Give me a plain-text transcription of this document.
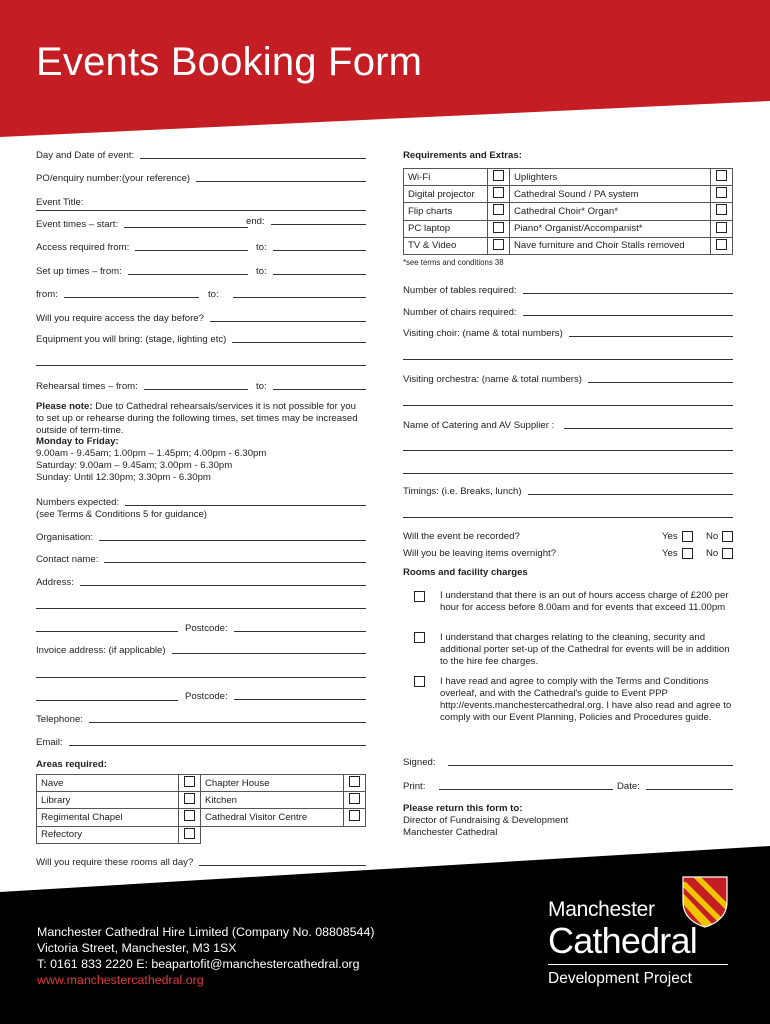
Events Booking Form
Day and Date of event:
PO/enquiry number: (your reference)
Event Title:
Event times – start:	end:
Access required from:	to:
Set up times – from:	to:
from:	to:
Will you require access the day before?
Equipment you will bring: (stage, lighting etc)
Rehearsal times – from:	to:
Please note: Due to Cathedral rehearsals/services it is not possible for you to set up or rehearse during the following times, set times may be increased outside of term-time.
Monday to Friday:
9.00am - 9.45am; 1.00pm – 1.45pm; 4.00pm - 6.30pm
Saturday: 9.00am – 9.45am; 3.00pm - 6.30pm
Sunday: Until 12.30pm; 3.30pm - 6.30pm
Numbers expected:
(see Terms & Conditions 5 for guidance)
Organisation:
Contact name:
Address:
Postcode:
Invoice address: (if applicable)
Postcode:
Telephone:
Email:
Areas required:
Nave		Chapter House	
Library		Kitchen	
Regimental Chapel		Cathedral Visitor Centre	
Refectory			
Will you require these rooms all day?
Requirements and Extras:
Wi-Fi		Uplighters	
Digital projector		Cathedral Sound / PA system	
Flip charts		Cathedral Choir* Organ*	
PC laptop		Piano* Organist/Accompanist*	
TV & Video		Nave furniture and Choir Stalls removed	
*see terms and conditions 38
Number of tables required:
Number of chairs required:
Visiting choir: (name & total numbers)
Visiting orchestra: (name & total numbers)
Name of Catering and AV Supplier :
Timings: (i.e. Breaks, lunch)
Will the event be recorded?	Yes	No
Will you be leaving items overnight?	Yes	No
Rooms and facility charges
I understand that there is an out of hours access charge of £200 per hour for access before 8.00am and for events that exceed 11.00pm
I understand that charges relating to the cleaning, security and additional porter set-up of the Cathedral for events will be in addition to the hire fee charges.
I have read and agree to comply with the Terms and Conditions overleaf, and with the Cathedral's guide to Event PPP http://events.manchestercathedral.org. I have also read and agree to comply with our Event Planning, Policies and Procedures guide.
Signed:
Print:	Date:
Please return this form to:
Director of Fundraising & Development
Manchester Cathedral
Manchester Cathedral Hire Limited (Company No. 08808544)
Victoria Street, Manchester, M3 1SX
T: 0161 833 2220 E: beapartofit@manchestercathedral.org
www.manchestercathedral.org
Manchester
Cathedral
Development Project
